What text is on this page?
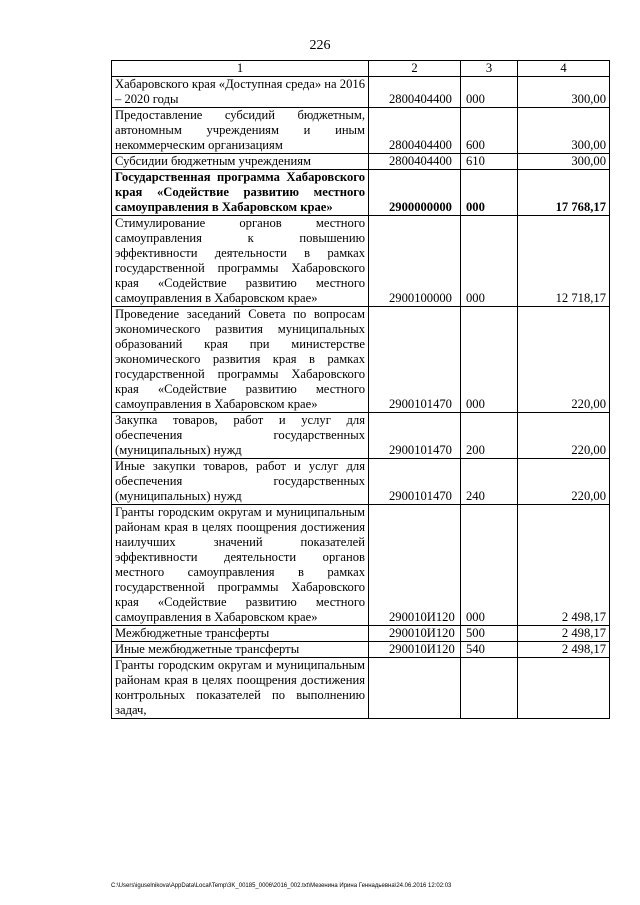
226
1	2	3	4
Хабаровского края «Доступная среда» на 2016 – 2020 годы	2800404400	000	300,00
Предоставление субсидий бюджетным, автономным учреждениям и иным некоммерческим организациям	2800404400	600	300,00
Субсидии бюджетным учреждениям	2800404400	610	300,00
Государственная программа Хабаровского края «Содействие развитию местного самоуправления в Хабаровском крае»	2900000000	000	17 768,17
Стимулирование органов местного самоуправления к повышению эффективности деятельности в рамках государственной программы Хабаровского края «Содействие развитию местного самоуправления в Хабаровском крае»	2900100000	000	12 718,17
Проведение заседаний Совета по вопросам экономического развития муниципальных образований края при министерстве экономического развития края в рамках государственной программы Хабаровского края «Содействие развитию местного самоуправления в Хабаровском крае»	2900101470	000	220,00
Закупка товаров, работ и услуг для обеспечения государственных (муниципальных) нужд	2900101470	200	220,00
Иные закупки товаров, работ и услуг для обеспечения государственных (муниципальных) нужд	2900101470	240	220,00
Гранты городским округам и муниципальным районам края в целях поощрения достижения наилучших значений показателей эффективности деятельности органов местного самоуправления в рамках государственной программы Хабаровского края «Содействие развитию местного самоуправления в Хабаровском крае»	290010И120	000	2 498,17
Межбюджетные трансферты	290010И120	500	2 498,17
Иные межбюджетные трансферты	290010И120	540	2 498,17
Гранты городским округам и муниципальным районам края в целях поощрения достижения контрольных показателей по выполнению задач,			
C:\Users\iguselnikova\AppData\Local\Temp\3K_00185_0006\2016_002.txt\Мезенина Ирина Геннадьевна\24.06.2016 12:02:03
